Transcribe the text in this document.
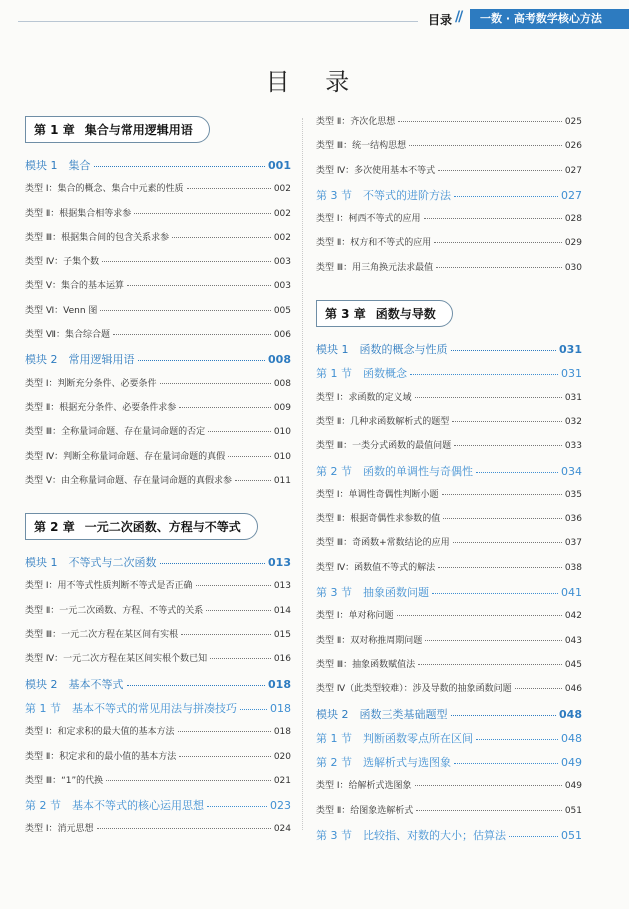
目录 //	一数 · 高考数学核心方法
目 录
第 1 章 集合与常用逻辑用语
模块 1　集合	001
类型 Ⅰ：集合的概念、集合中元素的性质	002
类型 Ⅱ：根据集合相等求参	002
类型 Ⅲ：根据集合间的包含关系求参	002
类型 Ⅳ：子集个数	003
类型 Ⅴ：集合的基本运算	003
类型 Ⅵ：Venn 图	005
类型 Ⅶ：集合综合题	006
模块 2　常用逻辑用语	008
类型 Ⅰ：判断充分条件、必要条件	008
类型 Ⅱ：根据充分条件、必要条件求参	009
类型 Ⅲ：全称量词命题、存在量词命题的否定	010
类型 Ⅳ：判断全称量词命题、存在量词命题的真假	010
类型 Ⅴ：由全称量词命题、存在量词命题的真假求参	011
第 2 章 一元二次函数、方程与不等式
模块 1　不等式与二次函数	013
类型 Ⅰ：用不等式性质判断不等式是否正确	013
类型 Ⅱ：一元二次函数、方程、不等式的关系	014
类型 Ⅲ：一元二次方程在某区间有实根	015
类型 Ⅳ：一元二次方程在某区间实根个数已知	016
模块 2　基本不等式	018
第 1 节　基本不等式的常见用法与拼凑技巧	018
类型 Ⅰ：和定求积的最大值的基本方法	018
类型 Ⅱ：积定求和的最小值的基本方法	020
类型 Ⅲ：“1”的代换	021
第 2 节　基本不等式的核心运用思想	023
类型 Ⅰ：消元思想	024
类型 Ⅱ：齐次化思想	025
类型 Ⅲ：统一结构思想	026
类型 Ⅳ：多次使用基本不等式	027
第 3 节　不等式的进阶方法	027
类型 Ⅰ：柯西不等式的应用	028
类型 Ⅱ：权方和不等式的应用	029
类型 Ⅲ：用三角换元法求最值	030
第 3 章 函数与导数
模块 1　函数的概念与性质	031
第 1 节　函数概念	031
类型 Ⅰ：求函数的定义域	031
类型 Ⅱ：几种求函数解析式的题型	032
类型 Ⅲ：一类分式函数的最值问题	033
第 2 节　函数的单调性与奇偶性	034
类型 Ⅰ：单调性奇偶性判断小题	035
类型 Ⅱ：根据奇偶性求参数的值	036
类型 Ⅲ：奇函数+常数结论的应用	037
类型 Ⅳ：函数值不等式的解法	038
第 3 节　抽象函数问题	041
类型 Ⅰ：单对称问题	042
类型 Ⅱ：双对称推周期问题	043
类型 Ⅲ：抽象函数赋值法	045
类型 Ⅳ（此类型较难）：涉及导数的抽象函数问题	046
模块 2　函数三类基础题型	048
第 1 节　判断函数零点所在区间	048
第 2 节　选解析式与选图象	049
类型 Ⅰ：给解析式选图象	049
类型 Ⅱ：给图象选解析式	051
第 3 节　比较指、对数的大小；估算法	051
